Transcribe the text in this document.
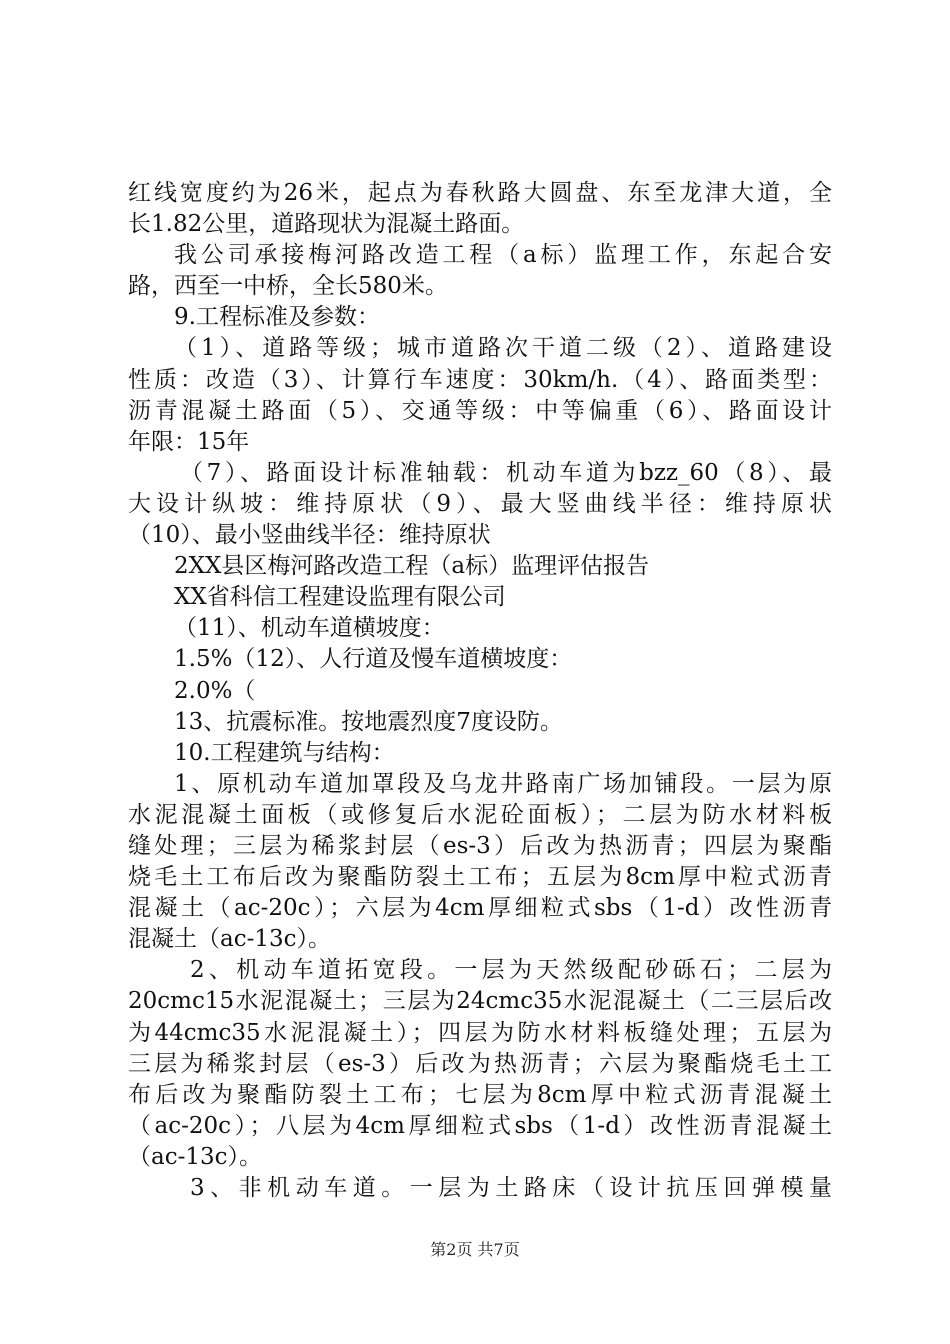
红线宽度约为26米，起点为春秋路大圆盘、东至龙津大道，全
长1.82公里，道路现状为混凝土路面。
我公司承接梅河路改造工程（a标）监理工作，东起合安
路，西至一中桥，全长580米。
9.工程标准及参数：
（1）、道路等级；城市道路次干道二级（2）、道路建设
性质：改造（3）、计算行车速度：30km/h.（4）、路面类型：
沥青混凝土路面（5）、交通等级：中等偏重（6）、路面设计
年限：15年
（7）、路面设计标准轴载：机动车道为bzz_60（8）、最
大设计纵坡：维持原状（9）、最大竖曲线半径：维持原状
（10）、最小竖曲线半径：维持原状
2XX县区梅河路改造工程（a标）监理评估报告
XX省科信工程建设监理有限公司
（11）、机动车道横坡度：
1.5%（12）、人行道及慢车道横坡度：
2.0%（
13、抗震标准。按地震烈度7度设防。
10.工程建筑与结构：
1、原机动车道加罩段及乌龙井路南广场加铺段。一层为原
水泥混凝土面板（或修复后水泥砼面板）；二层为防水材料板
缝处理；三层为稀浆封层（es-3）后改为热沥青；四层为聚酯
烧毛土工布后改为聚酯防裂土工布；五层为8cm厚中粒式沥青
混凝土（ac-20c）；六层为4cm厚细粒式sbs（1-d）改性沥青
混凝土（ac-13c）。
2、机动车道拓宽段。一层为天然级配砂砾石；二层为
20cmc15水泥混凝土；三层为24cmc35水泥混凝土（二三层后改
为44cmc35水泥混凝土）；四层为防水材料板缝处理；五层为
三层为稀浆封层（es-3）后改为热沥青；六层为聚酯烧毛土工
布后改为聚酯防裂土工布；七层为8cm厚中粒式沥青混凝土
（ac-20c）；八层为4cm厚细粒式sbs（1-d）改性沥青混凝土
（ac-13c）。
3、非机动车道。一层为土路床（设计抗压回弹模量
第2页 共7页
